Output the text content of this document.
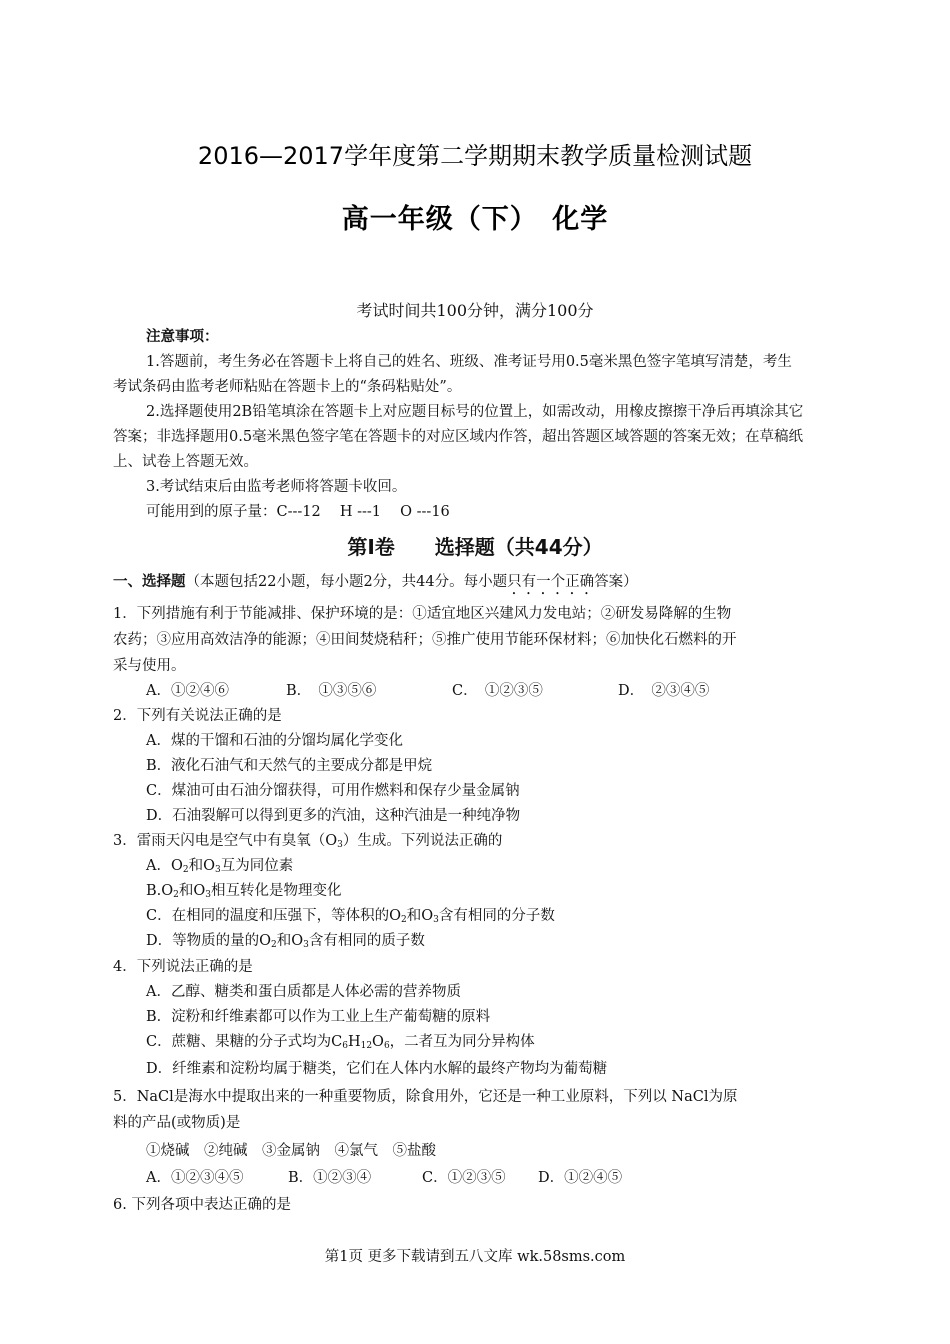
2016—2017学年度第二学期期末教学质量检测试题
高一年级（下）　化学
考试时间共100分钟，满分100分
注意事项：
1.答题前，考生务必在答题卡上将自己的姓名、班级、准考证号用0.5毫米黑色签字笔填写清楚，考生
考试条码由监考老师粘贴在答题卡上的“条码粘贴处”。
2.选择题使用2B铅笔填涂在答题卡上对应题目标号的位置上，如需改动，用橡皮擦擦干净后再填涂其它
答案；非选择题用0.5毫米黑色签字笔在答题卡的对应区域内作答，超出答题区域答题的答案无效；在草稿纸
上、试卷上答题无效。
3.考试结束后由监考老师将答题卡收回。
可能用到的原子量：C---12　 H ---1　 O ---16
第Ⅰ卷　　选择题（共44分）
一、选择题（本题包括22小题，每小题2分，共44分。每小题只有一个正确答案）
1．下列措施有利于节能减排、保护环境的是：①适宜地区兴建风力发电站；②研发易降解的生物
农药；③应用高效洁净的能源；④田间焚烧秸秆；⑤推广使用节能环保材料；⑥加快化石燃料的开
采与使用。
A．①②④⑥	B．　①③⑤⑥	C．　①②③⑤	D．　②③④⑤
2．下列有关说法正确的是
A．煤的干馏和石油的分馏均属化学变化
B．液化石油气和天然气的主要成分都是甲烷
C．煤油可由石油分馏获得，可用作燃料和保存少量金属钠
D．石油裂解可以得到更多的汽油，这种汽油是一种纯净物
3．雷雨天闪电是空气中有臭氧$(O_3)$生成。下列说法正确的
A．$O_2$和$O_3$互为同位素
$B.O_2$和$O_3$相互转化是物理变化
C．在相同的温度和压强下，等体积的$O_2$和$O_3$含有相同的分子数
D．等物质的量的$O_2$和$O_3$含有相同的质子数
4．下列说法正确的是
A．乙醇、糖类和蛋白质都是人体必需的营养物质
B．淀粉和纤维素都可以作为工业上生产葡萄糖的原料
C．蔗糖、果糖的分子式均为$C_6H_{12}O_6$，二者互为同分异构体
D．纤维素和淀粉均属于糖类，它们在人体内水解的最终产物均为葡萄糖
5．NaCl是海水中提取出来的一种重要物质，除食用外，它还是一种工业原料，下列以 NaCl为原
料的产品(或物质)是
①烧碱　②纯碱　③金属钠　④氯气　⑤盐酸
A．①②③④⑤	B．①②③④	C．①②③⑤ D．①②④⑤
6. 下列各项中表达正确的是
第1页 更多下载请到五八文库 wk.58sms.com
